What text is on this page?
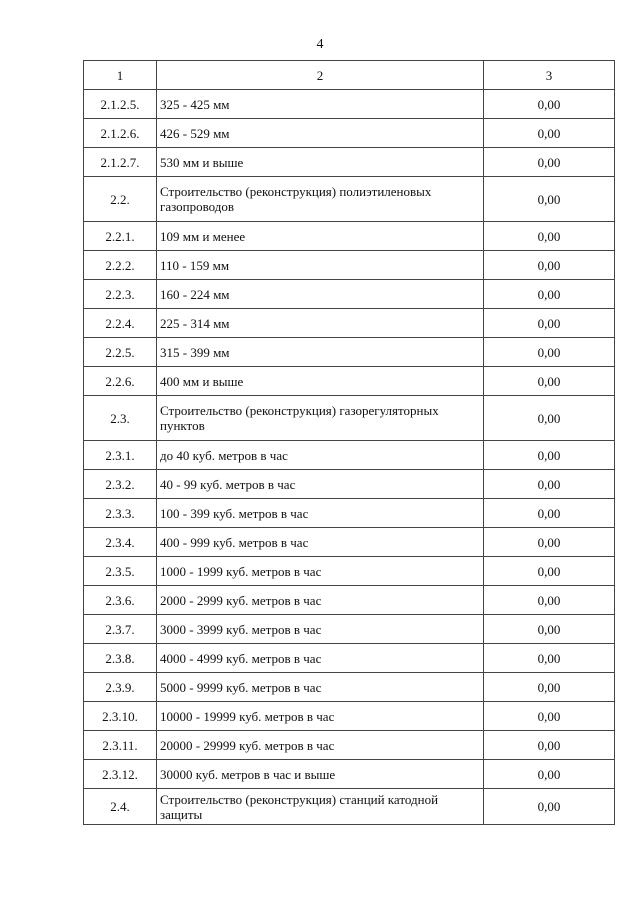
4
1	2	3
2.1.2.5.	325 - 425 мм	0,00
2.1.2.6.	426 - 529 мм	0,00
2.1.2.7.	530 мм и выше	0,00
2.2.	Строительство (реконструкция) полиэтиленовых газопроводов	0,00
2.2.1.	109 мм и менее	0,00
2.2.2.	110 - 159 мм	0,00
2.2.3.	160 - 224 мм	0,00
2.2.4.	225 - 314 мм	0,00
2.2.5.	315 - 399 мм	0,00
2.2.6.	400 мм и выше	0,00
2.3.	Строительство (реконструкция) газорегуляторных пунктов	0,00
2.3.1.	до 40 куб. метров в час	0,00
2.3.2.	40 - 99 куб. метров в час	0,00
2.3.3.	100 - 399 куб. метров в час	0,00
2.3.4.	400 - 999 куб. метров в час	0,00
2.3.5.	1000 - 1999 куб. метров в час	0,00
2.3.6.	2000 - 2999 куб. метров в час	0,00
2.3.7.	3000 - 3999 куб. метров в час	0,00
2.3.8.	4000 - 4999 куб. метров в час	0,00
2.3.9.	5000 - 9999 куб. метров в час	0,00
2.3.10.	10000 - 19999 куб. метров в час	0,00
2.3.11.	20000 - 29999 куб. метров в час	0,00
2.3.12.	30000 куб. метров в час и выше	0,00
2.4.	Строительство (реконструкция) станций катодной защиты	0,00
